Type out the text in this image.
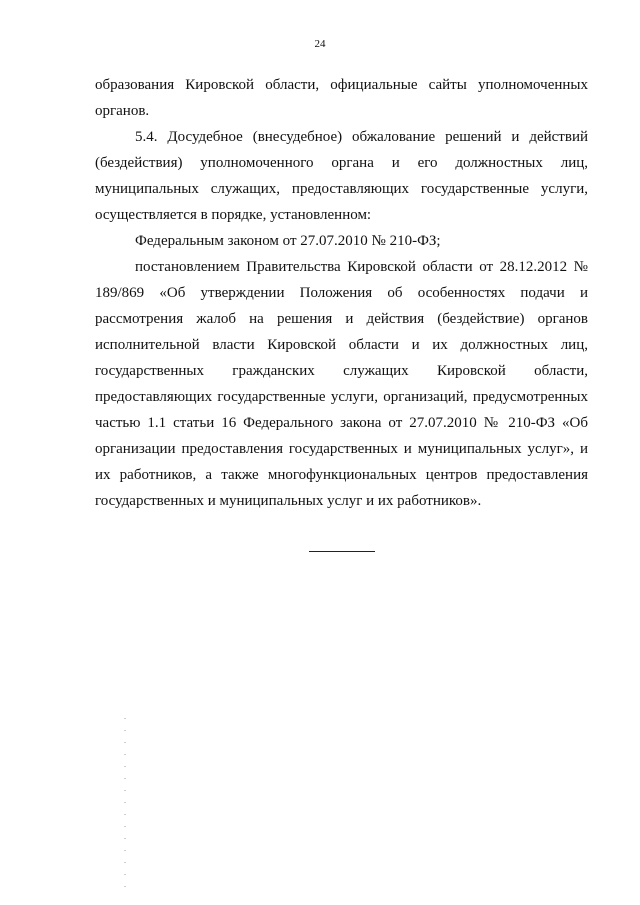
24

образования Кировской области, официальные сайты уполномоченных органов.

5.4. Досудебное (внесудебное) обжалование решений и действий (бездействия) уполномоченного органа и его должностных лиц, муниципальных служащих, предоставляющих государственные услуги, осуществляется в порядке, установленном:

Федеральным законом от 27.07.2010 № 210-ФЗ;

постановлением Правительства Кировской области от 28.12.2012 № 189/869 «Об утверждении Положения об особенностях подачи и рассмотрения жалоб на решения и действия (бездействие) органов исполнительной власти Кировской области и их должностных лиц, государственных гражданских служащих Кировской области, предоставляющих государственные услуги, организаций, предусмотренных частью 1.1 статьи 16 Федерального закона от 27.07.2010 № 210-ФЗ «Об организации предоставления государственных и муниципальных услуг», и их работников, а также многофункциональных центров предоставления государственных и муниципальных услуг и их работников».
